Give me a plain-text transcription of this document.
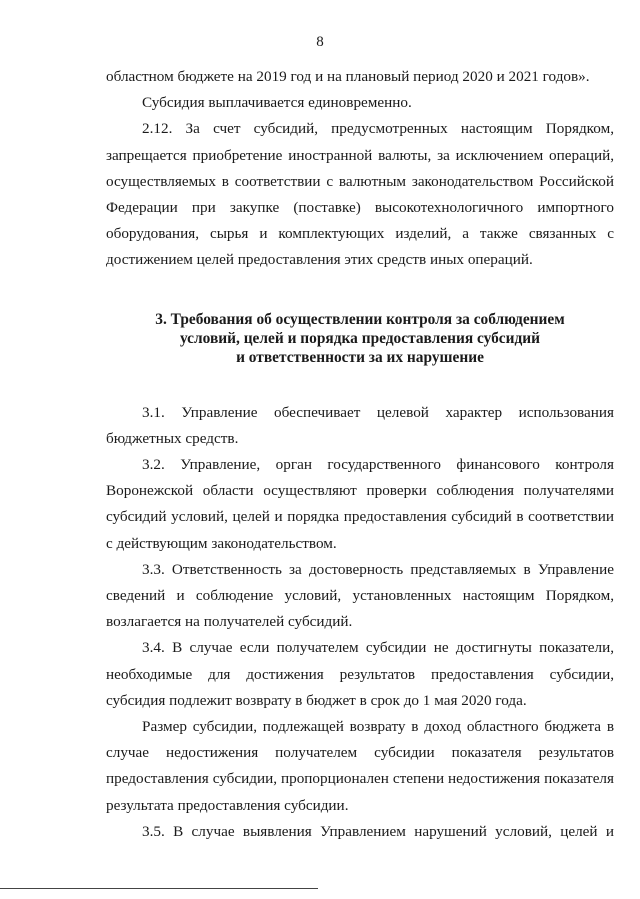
8

областном бюджете на 2019 год и на плановый период 2020 и 2021 годов».

Субсидия выплачивается единовременно.

2.12. За счет субсидий, предусмотренных настоящим Порядком, запрещается приобретение иностранной валюты, за исключением операций, осуществляемых в соответствии с валютным законодательством Российской Федерации при закупке (поставке) высокотехнологичного импортного оборудования, сырья и комплектующих изделий, а также связанных с достижением целей предоставления этих средств иных операций.

3. Требования об осуществлении контроля за соблюдением
условий, целей и порядка предоставления субсидий
и ответственности за их нарушение

3.1. Управление обеспечивает целевой характер использования бюджетных средств.

3.2. Управление, орган государственного финансового контроля Воронежской области осуществляют проверки соблюдения получателями субсидий условий, целей и порядка предоставления субсидий в соответствии с действующим законодательством.

3.3. Ответственность за достоверность представляемых в Управление сведений и соблюдение условий, установленных настоящим Порядком, возлагается на получателей субсидий.

3.4. В случае если получателем субсидии не достигнуты показатели, необходимые для достижения результатов предоставления субсидии, субсидия подлежит возврату в бюджет в срок до 1 мая 2020 года.

Размер субсидии, подлежащей возврату в доход областного бюджета в случае недостижения получателем субсидии показателя результатов предоставления субсидии, пропорционален степени недостижения показателя результата предоставления субсидии.

3.5. В случае выявления Управлением нарушений условий, целей и
